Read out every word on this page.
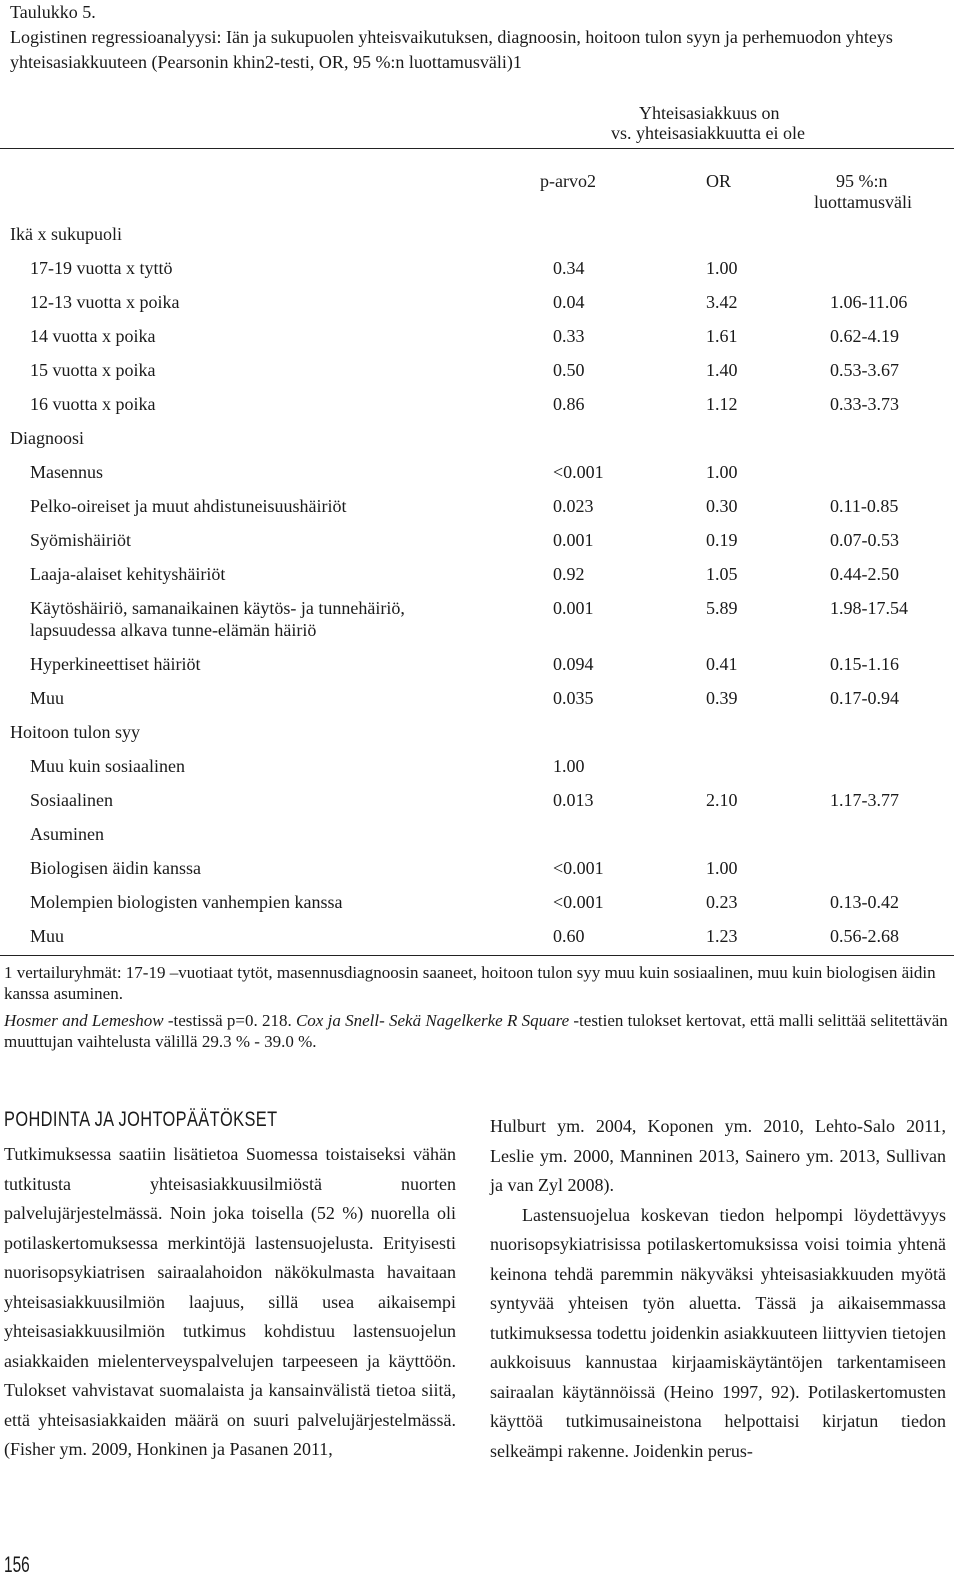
Taulukko 5.
Logistinen regressioanalyysi: Iän ja sukupuolen yhteisvaikutuksen, diagnoosin, hoitoon tulon syyn ja perhemuodon yhteys yhteisasiakkuuteen (Pearsonin khin2-testi, OR, 95 %:n luottamusväli)1
Yhteisasiakkuus on
vs. yhteisasiakkuutta ei ole
p-arvo2	OR	95 %:n
luottamusväli
Ikä x sukupuoli
17-19 vuotta x tyttö	0.34	1.00
12-13 vuotta x poika	0.04	3.42	1.06-11.06
14 vuotta x poika	0.33	1.61	0.62-4.19
15 vuotta x poika	0.50	1.40	0.53-3.67
16 vuotta x poika	0.86	1.12	0.33-3.73
Diagnoosi
Masennus	<0.001	1.00
Pelko-oireiset ja muut ahdistuneisuushäiriöt	0.023	0.30	0.11-0.85
Syömishäiriöt	0.001	0.19	0.07-0.53
Laaja-alaiset kehityshäiriöt	0.92	1.05	0.44-2.50
Käytöshäiriö, samanaikainen käytös- ja tunnehäiriö,
lapsuudessa alkava tunne-elämän häiriö
0.001	5.89	1.98-17.54
Hyperkineettiset häiriöt	0.094	0.41	0.15-1.16
Muu	0.035	0.39	0.17-0.94
Hoitoon tulon syy
Muu kuin sosiaalinen	1.00
Sosiaalinen	0.013	2.10	1.17-3.77
Asuminen
Biologisen äidin kanssa	<0.001	1.00
Molempien biologisten vanhempien kanssa	<0.001	0.23	0.13-0.42
Muu	0.60	1.23	0.56-2.68

1 vertailuryhmät: 17-19 –vuotiaat tytöt, masennusdiagnoosin saaneet, hoitoon tulon syy muu kuin sosiaalinen, muu kuin biologisen äidin kanssa asuminen.

Hosmer and Lemeshow -testissä p=0. 218. Cox ja Snell- Sekä Nagelkerke R Square -testien tulokset kertovat, että malli selittää selitettävän muuttujan vaihtelusta välillä 29.3 % - 39.0 %.

POHDINTA JA JOHTOPÄÄTÖKSET

Tutkimuksessa saatiin lisätietoa Suomessa toistaiseksi vähän tutkitusta yhteisasiakkuusilmiöstä nuorten palvelujärjestelmässä. Noin joka toisella (52 %) nuorella oli potilaskertomuksessa merkintöjä lastensuojelusta. Erityisesti nuorisopsykiatrisen sairaalahoidon näkökulmasta havaitaan yhteisasiakkuusilmiön laajuus, sillä usea aikaisempi yhteisasiakkuusilmiön tutkimus kohdistuu lastensuojelun asiakkaiden mielenterveyspalvelujen tarpeeseen ja käyttöön. Tulokset vahvistavat suomalaista ja kansainvälistä tietoa siitä, että yhteisasiakkaiden määrä on suuri palvelujärjestelmässä. (Fisher ym. 2009, Honkinen ja Pasanen 2011,

Hulburt ym. 2004, Koponen ym. 2010, Lehto-Salo 2011, Leslie ym. 2000, Manninen 2013, Sainero ym. 2013, Sullivan ja van Zyl 2008).

Lastensuojelua koskevan tiedon helpompi löydettävyys nuorisopsykiatrisissa potilaskertomuksissa voisi toimia yhtenä keinona tehdä paremmin näkyväksi yhteisasiakkuuden myötä syntyvää yhteisen työn aluetta. Tässä ja aikaisemmassa tutkimuksessa todettu joidenkin asiakkuuteen liittyvien tietojen aukkoisuus kannustaa kirjaamiskäytäntöjen tarkentamiseen sairaalan käytännöissä (Heino 1997, 92). Potilaskertomusten käyttöä tutkimusaineistona helpottaisi kirjatun tiedon selkeämpi rakenne. Joidenkin perus-

156
